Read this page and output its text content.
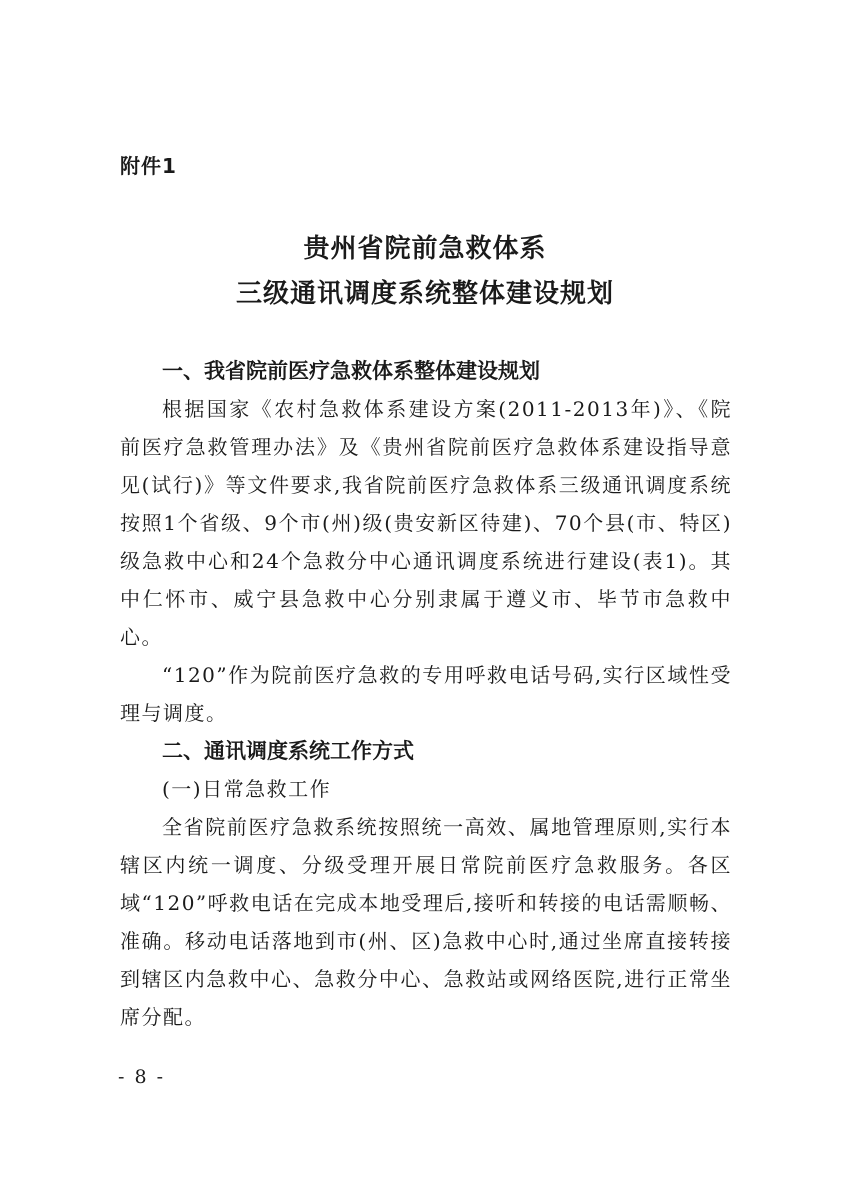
附件1
贵州省院前急救体系
三级通讯调度系统整体建设规划

一、我省院前医疗急救体系整体建设规划

根据国家《农村急救体系建设方案(2011-2013年)》、《院前医疗急救管理办法》及《贵州省院前医疗急救体系建设指导意见(试行)》等文件要求,我省院前医疗急救体系三级通讯调度系统按照1个省级、9个市(州)级(贵安新区待建)、70个县(市、特区)级急救中心和24个急救分中心通讯调度系统进行建设(表1)。其中仁怀市、威宁县急救中心分别隶属于遵义市、毕节市急救中心。

“120”作为院前医疗急救的专用呼救电话号码,实行区域性受理与调度。

二、通讯调度系统工作方式

(一)日常急救工作

全省院前医疗急救系统按照统一高效、属地管理原则,实行本辖区内统一调度、分级受理开展日常院前医疗急救服务。各区域“120”呼救电话在完成本地受理后,接听和转接的电话需顺畅、准确。移动电话落地到市(州、区)急救中心时,通过坐席直接转接到辖区内急救中心、急救分中心、急救站或网络医院,进行正常坐席分配。

- 8 -
